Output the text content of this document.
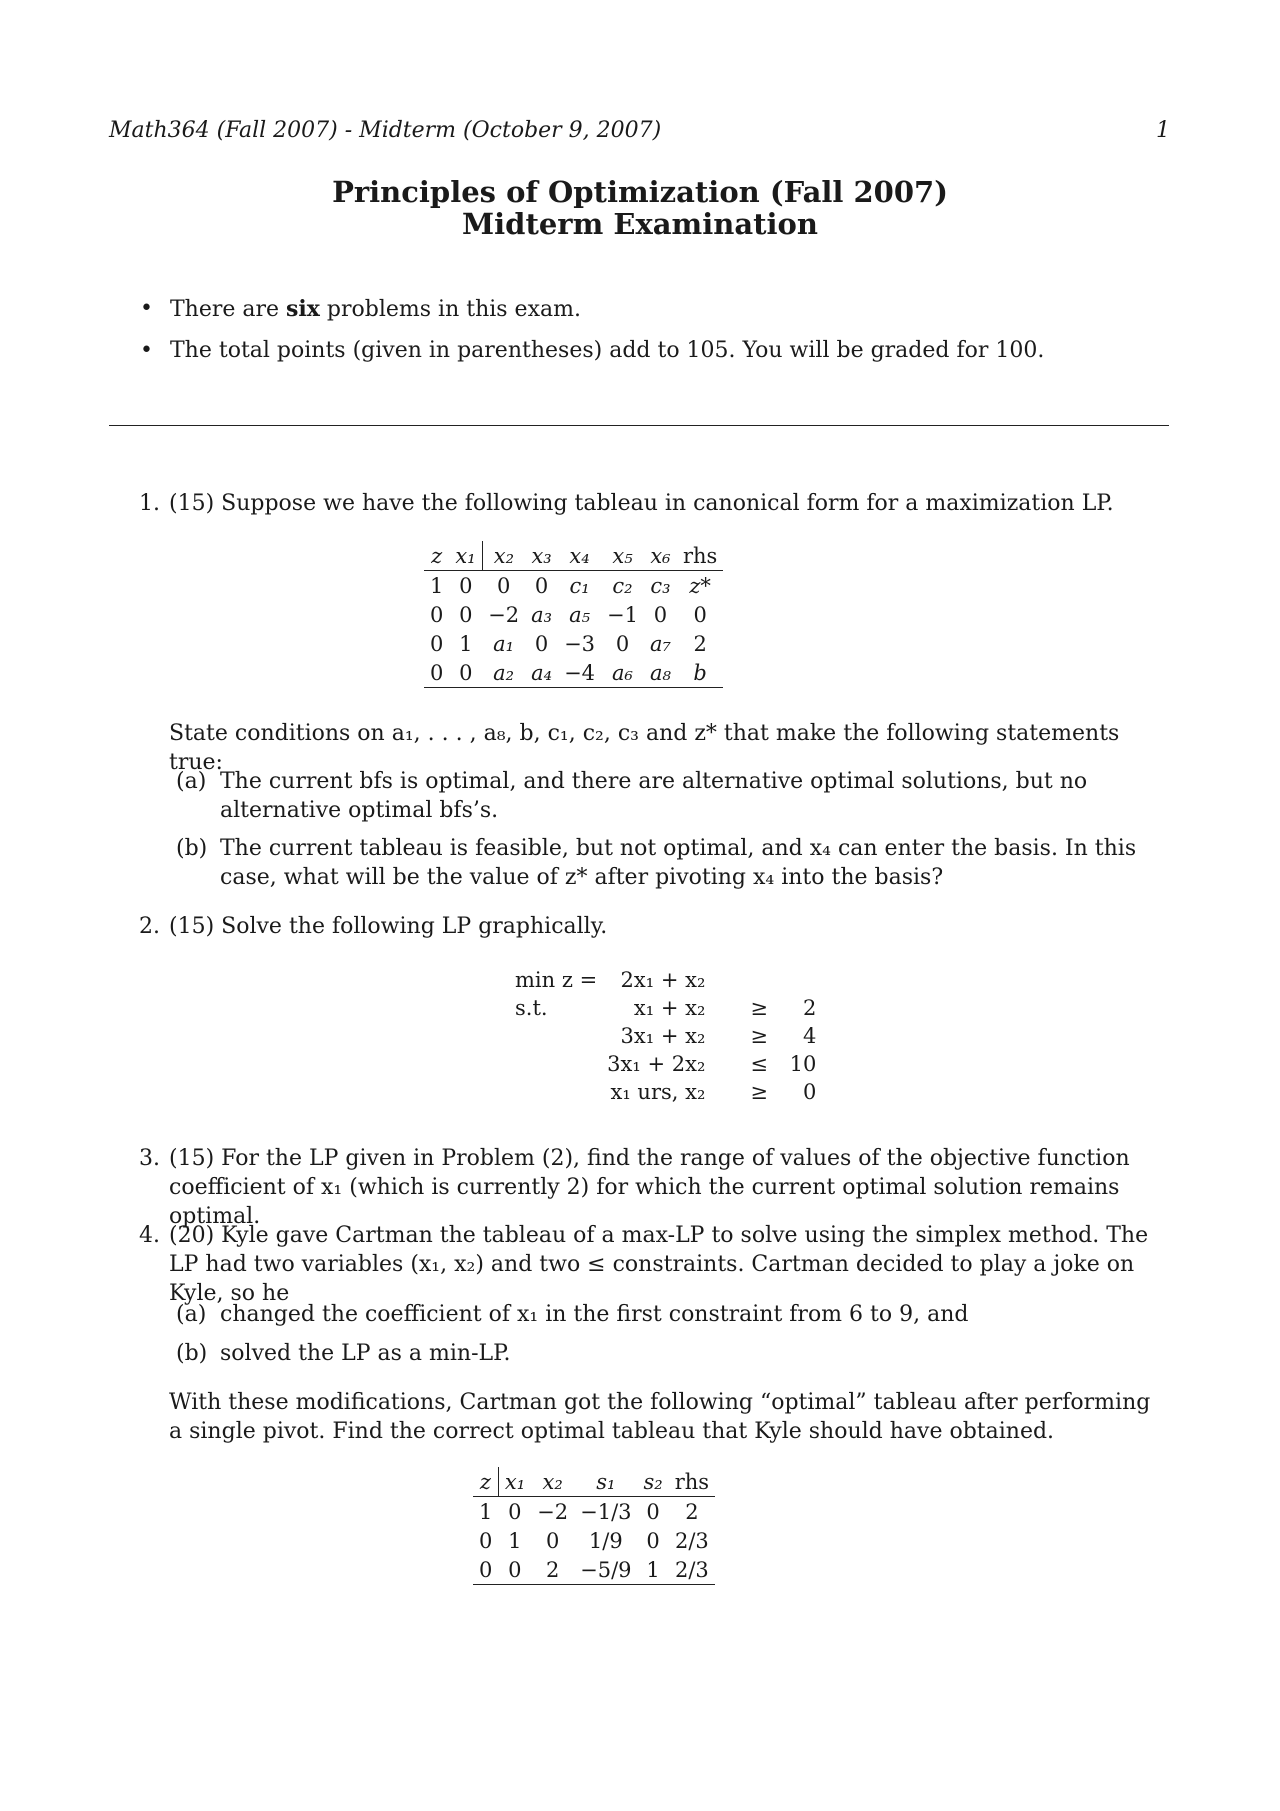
Math364 (Fall 2007) - Midterm (October 9, 2007)	1
Principles of Optimization (Fall 2007)
Midterm Examination
• There are six problems in this exam.
• The total points (given in parentheses) add to 105. You will be graded for 100.
1. (15) Suppose we have the following tableau in canonical form for a maximization LP.
z	x₁	x₂	x₃	x₄	x₅	x₆	rhs
1	0	0	0	c₁	c₂	c₃	z*
0	0	−2	a₃	a₅	−1	0	0
0	1	a₁	0	−3	0	a₇	2
0	0	a₂	a₄	−4	a₆	a₈	b
State conditions on a₁, . . . , a₈, b, c₁, c₂, c₃ and z* that make the following statements true:
(a) The current bfs is optimal, and there are alternative optimal solutions, but no alternative optimal bfs’s.
(b) The current tableau is feasible, but not optimal, and x₄ can enter the basis. In this case, what will be the value of z* after pivoting x₄ into the basis?
2. (15) Solve the following LP graphically.
min z =	2x₁ + x₂		
s.t.	x₁ + x₂	≥	2
	3x₁ + x₂	≥	4
	3x₁ + 2x₂	≤	10
	x₁ urs, x₂	≥	0
3. (15) For the LP given in Problem (2), find the range of values of the objective function coefficient of x₁ (which is currently 2) for which the current optimal solution remains optimal.
4. (20) Kyle gave Cartman the tableau of a max-LP to solve using the simplex method. The LP had two variables (x₁, x₂) and two ≤ constraints. Cartman decided to play a joke on Kyle, so he
(a) changed the coefficient of x₁ in the first constraint from 6 to 9, and
(b) solved the LP as a min-LP.
With these modifications, Cartman got the following “optimal” tableau after performing a single pivot. Find the correct optimal tableau that Kyle should have obtained.
z	x₁	x₂	s₁	s₂	rhs
1	0	−2	−1/3	0	2
0	1	0	1/9	0	2/3
0	0	2	−5/9	1	2/3
